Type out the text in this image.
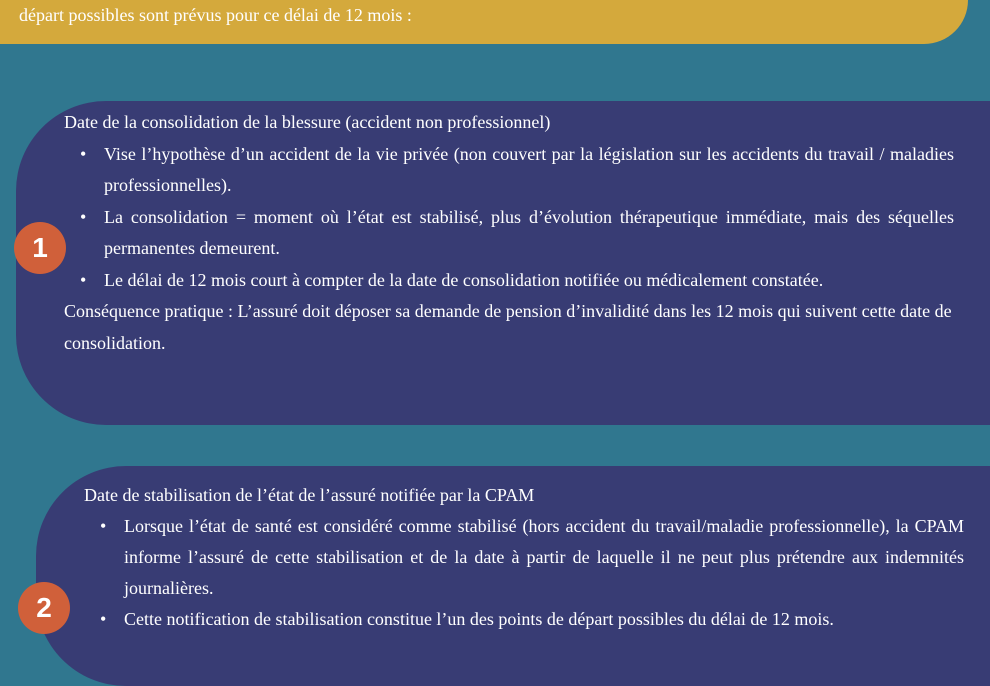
départ possibles sont prévus pour ce délai de 12 mois :
1
2

Date de la consolidation de la blessure (accident non professionnel)

• Vise l’hypothèse d’un accident de la vie privée (non couvert par la législation sur les accidents du travail / maladies professionnelles).
• La consolidation = moment où l’état est stabilisé, plus d’évolution thérapeutique immédiate, mais des séquelles permanentes demeurent.
• Le délai de 12 mois court à compter de la date de consolidation notifiée ou médicalement constatée.

Conséquence pratique : L’assuré doit déposer sa demande de pension d’invalidité dans les 12 mois qui suivent cette date de consolidation.

Date de stabilisation de l’état de l’assuré notifiée par la CPAM

• Lorsque l’état de santé est considéré comme stabilisé (hors accident du travail/maladie professionnelle), la CPAM informe l’assuré de cette stabilisation et de la date à partir de laquelle il ne peut plus prétendre aux indemnités journalières.
• Cette notification de stabilisation constitue l’un des points de départ possibles du délai de 12 mois.
